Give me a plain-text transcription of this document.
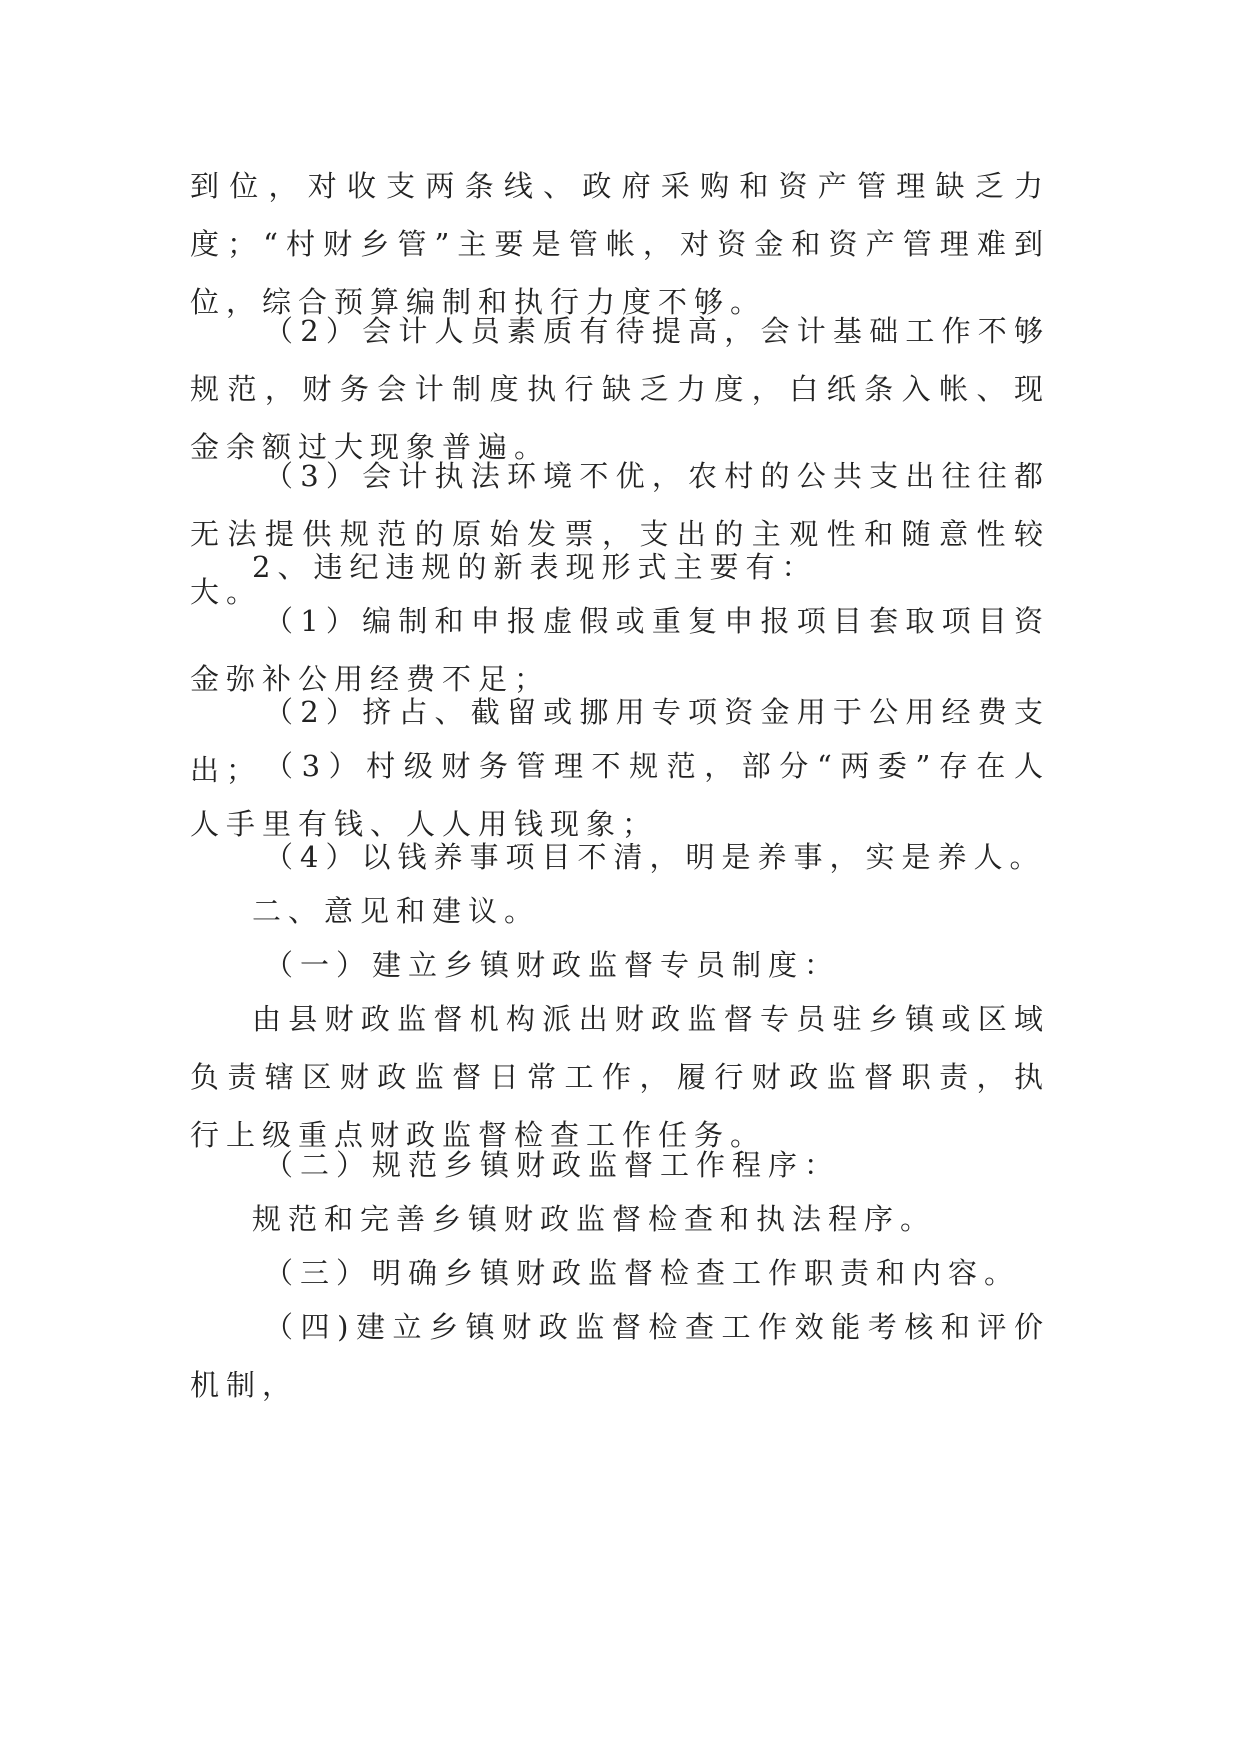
到位，对收支两条线、政府采购和资产管理缺乏力度；“村财乡管”主要是管帐，对资金和资产管理难到位，综合预算编制和执行力度不够。

（2）会计人员素质有待提高，会计基础工作不够规范，财务会计制度执行缺乏力度，白纸条入帐、现金余额过大现象普遍。

（3）会计执法环境不优，农村的公共支出往往都无法提供规范的原始发票，支出的主观性和随意性较大。

2、违纪违规的新表现形式主要有：

（1）编制和申报虚假或重复申报项目套取项目资金弥补公用经费不足；

（2）挤占、截留或挪用专项资金用于公用经费支出； （3）村级财务管理不规范，部分“两委”存在人人手里有钱、人人用钱现象；

（4）以钱养事项目不清，明是养事，实是养人。

二、意见和建议。

（一）建立乡镇财政监督专员制度：

由县财政监督机构派出财政监督专员驻乡镇或区域负责辖区财政监督日常工作，履行财政监督职责，执行上级重点财政监督检查工作任务。

（二）规范乡镇财政监督工作程序：

规范和完善乡镇财政监督检查和执法程序。

（三）明确乡镇财政监督检查工作职责和内容。

（四)建立乡镇财政监督检查工作效能考核和评价机制，
